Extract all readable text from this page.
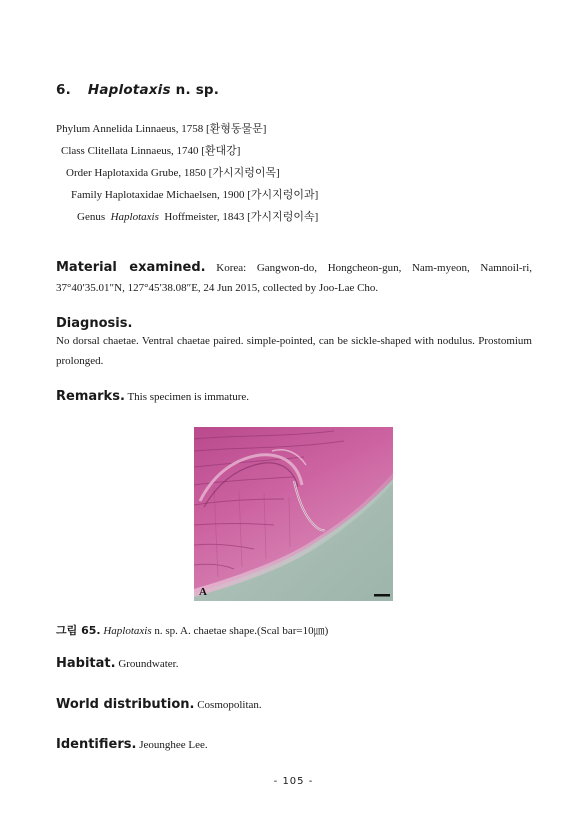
6. Haplotaxis n. sp.
Phylum Annelida Linnaeus, 1758 [환형동물문]
Class Clitellata Linnaeus, 1740 [환대강]
Order Haplotaxida Grube, 1850 [가시지렁이목]
Family Haplotaxidae Michaelsen, 1900 [가시지렁이과]
Genus Haplotaxis Hoffmeister, 1843 [가시지렁이속]
Material examined. Korea: Gangwon-do, Hongcheon-gun, Nam-myeon, Namnoil-ri, 37°40′35.01″N, 127°45′38.08″E, 24 Jun 2015, collected by Joo-Lae Cho.
Diagnosis.
No dorsal chaetae. Ventral chaetae paired. simple-pointed, can be sickle-shaped with nodulus. Prostomium prolonged.
Remarks. This specimen is immature.
A
그림 65. Haplotaxis n. sp. A. chaetae shape.(Scal bar=10㎛)
Habitat. Groundwater.
World distribution. Cosmopolitan.
Identifiers. Jeounghee Lee.
- 105 -
